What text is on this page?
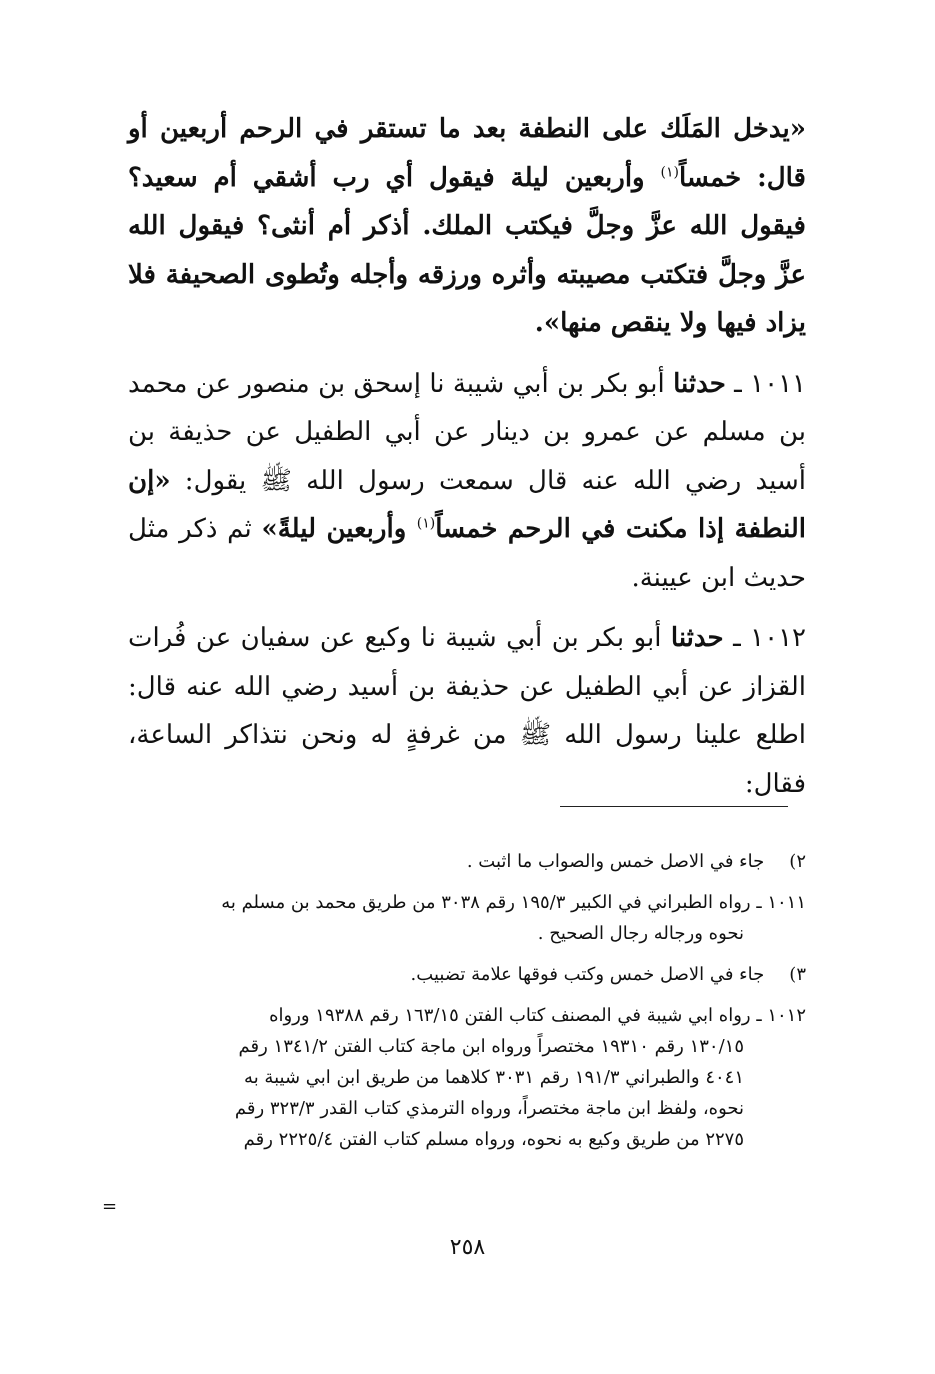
«يدخل المَلَك على النطفة بعد ما تستقر في الرحم أربعين أو قال: خمساً$^{(١)}$ وأربعين ليلة فيقول أي رب أشقي أم سعيد؟ فيقول الله عزَّ وجلَّ فيكتب الملك. أذكر أم أنثى؟ فيقول الله عزَّ وجلَّ فتكتب مصيبته وأثره ورزقه وأجله وتُطوى الصحيفة فلا يزاد فيها ولا ينقص منها».

١٠١١ ـ حدثنا أبو بكر بن أبي شيبة نا إسحق بن منصور عن محمد بن مسلم عن عمرو بن دينار عن أبي الطفيل عن حذيفة بن أسيد رضي الله عنه قال سمعت رسول الله ﷺ يقول: «إن النطفة إذا مكنت في الرحم خمساً$^{(١)}$ وأربعين ليلةً» ثم ذكر مثل حديث ابن عيينة.

١٠١٢ ـ حدثنا أبو بكر بن أبي شيبة نا وكيع عن سفيان عن فُرات القزاز عن أبي الطفيل عن حذيفة بن أسيد رضي الله عنه قال: اطلع علينا رسول الله ﷺ من غرفةٍ له ونحن نتذاكر الساعة، فقال:

٢) جاء في الاصل خمس والصواب ما اثبت .
١٠١١ ـ رواه الطبراني في الكبير ١٩٥/٣ رقم ٣٠٣٨ من طريق محمد بن مسلم به
نحوه ورجاله رجال الصحيح .
٣) جاء في الاصل خمس وكتب فوقها علامة تضبيب.
١٠١٢ ـ رواه ابي شيبة في المصنف كتاب الفتن ١٦٣/١٥ رقم ١٩٣٨٨ ورواه
١٣٠/١٥ رقم ١٩٣١٠ مختصراً ورواه ابن ماجة كتاب الفتن ١٣٤١/٢ رقم
٤٠٤١ والطبراني ١٩١/٣ رقم ٣٠٣١ كلاهما من طريق ابن ابي شيبة به
نحوه، ولفظ ابن ماجة مختصراً، ورواه الترمذي كتاب القدر ٣٢٣/٣ رقم
٢٢٧٥ من طريق وكيع به نحوه، ورواه مسلم كتاب الفتن ٢٢٢٥/٤ رقم
=
٢٥٨
